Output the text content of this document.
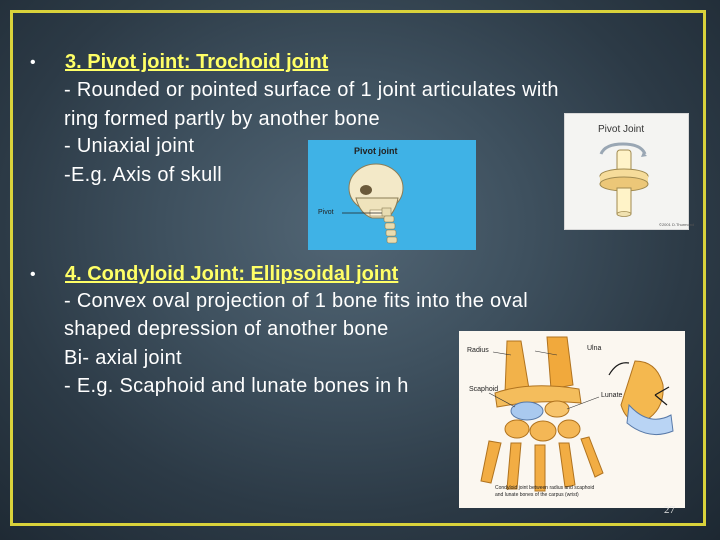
• 3. Pivot joint: Trochoid joint
- Rounded or pointed surface of 1 joint articulates with
ring formed partly by another bone
- Uniaxial joint
-E.g. Axis of skull
• 4. Condyloid Joint: Ellipsoidal joint
- Convex oval projection of 1 bone fits into the oval
shaped depression of another bone
Bi- axial joint
- E.g. Scaphoid and lunate bones in h
Pivot joint
Pivot
Pivot Joint
©2001 D.Thurmond
Radius	Ulna
Scaphoid
Lunate
Condyloid joint between radius and scaphoid
and lunate bones of the carpus (wrist)
27
